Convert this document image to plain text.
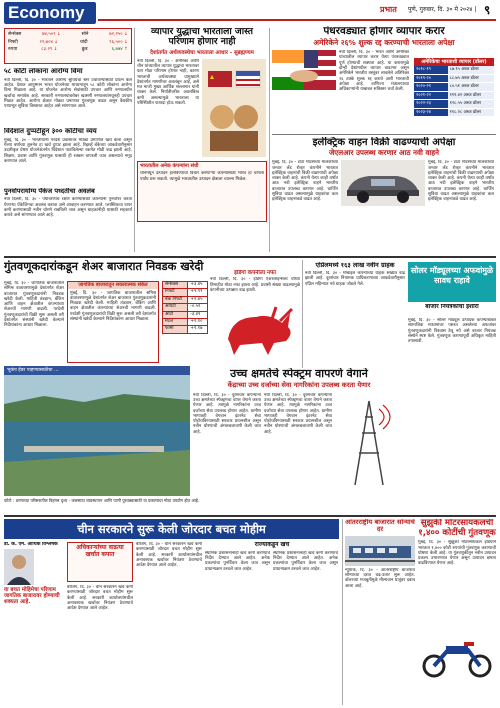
Economy	प्रभात पुणे, गुरुवार, दि. ३० मे २०२४ | ९
सेन्सेक्स	७४,५०२ ↓	सोने	७२,१५० ↓
निफ्टी	२२,७०४ ↓	चांदी	९६,५०० ↓
रुपया	८३.२९ ↓	क्रुड	६,७७४ ↑
५८ कोटी लोकांना आरोग्य विमा
नवी दिल्ली, दि. ३० - भारताने आरोग्य सुविधेचा स्तर उंचावण्यासाठी प्रयत्न केले आहेत. देशात आयुष्मान भारत योजनेच्या माध्यमातून ५८ कोटी लोकांना आरोग्य विमा मिळाला आहे. या योजनेत आरोग्य सेवांसाठी उपचार आणि रुग्णालयीन खर्चाचा समावेश आहे. सरकारी रुग्णालयांबरोबर खासगी रुग्णालयांमधूनही उपचार मिळत आहेत. आरोग्य क्षेत्रात मोठ्या प्रमाणात गुंतवणूक वाढत असून वैद्यकीय पायाभूत सुविधा विस्तारत आहेत असे सांगण्यात आले.
विदेशात दुप्पटीहून ३०० कोटींचा व्यय
मुंबई, दि. ३० - भारतीयांनी परदेश प्रवासावर मोठ्या प्रमाणात खर्च केला असून गेल्या वर्षाच्या तुलनेत हा खर्च दुप्पट झाला आहे. रिझर्व्ह बँकेच्या आकडेवारीनुसार उदारीकृत प्रेषण योजनेअंतर्गत विदेशात पाठविलेल्या रकमेत मोठी वाढ झाली आहे. शिक्षण, प्रवास आणि गुंतवणूक यासाठी ही रक्कम वापरली जात असल्याचे नमूद करण्यात आले.
पुनर्वापरायोग्य पॅकेज पध्दतीचा अवलंब
नवी दिल्ली, दि. ३० - पर्यावरणाचे रक्षण करण्यासाठी कंपन्यांनी पुनर्वापर करता येणाऱ्या पॅकेजिंगचा अवलंब करावा असे आवाहन करण्यात आले. प्लास्टिकचा वापर कमी करण्यासाठी नवीन धोरणे राबविली जात असून ग्राहकांनीही यासाठी सहकार्य करावे असे सांगण्यात आले आहे.
व्यापार युद्धाचा भारताला जास्त परिणाम होणार नाही
देशांतर्गत अर्थव्यवस्थेचा भारताला आधार - सुब्रह्मण्यम
नवी दिल्ली, दि. ३० - अमेरिका आणि चीन यांच्यातील व्यापार युद्धाचा भारतावर फार मोठा परिणाम होणार नाही, कारण भारताची अर्थव्यवस्था प्रामुख्याने देशांतर्गत मागणीवर अवलंबून आहे, असे मत माजी मुख्य आर्थिक सल्लागार यांनी व्यक्त केले. निर्यातीवरील अवलंबित्व कमी असल्यामुळे भारताला या परिस्थितीत फायदा होऊ शकतो.
भारतातील अनेक कंपन्यांना संधी
चीनमधून उत्पादन हलविण्याचा विचार करणाऱ्या कंपन्यांसाठी भारत हा चांगला पर्याय ठरू शकतो. त्यामुळे भारतातील उत्पादन क्षेत्राला चालना मिळेल.
पंधरवड्यात होणार व्यापार करार
अमेरिकेने २६% शुल्क रद्द करण्याची भारताला अपेक्षा
नवी दिल्ली, दि. ३० - भारत आणि अमेरिका यांच्यातील व्यापार करार येत्या पंधरवड्यात पूर्ण होण्याची शक्यता आहे. या करारामुळे दोन्ही देशांमधील व्यापार वाढणार असून अमेरिकेने भारतीय वस्तूंवर लावलेले अतिरिक्त २६ टक्के शुल्क रद्द करावे अशी भारताची अपेक्षा आहे. वाणिज्य मंत्रालयाच्या अधिकाऱ्यांनी याबाबत सविस्तर चर्चा केली.
अमेरिकेचा भारताशी व्यापार (डॉलर)
२०१८-१९	८७.९५ अब्ज डॉलर
२०१९-२०	८८.७५ अब्ज डॉलर
२०२०-२१	८०.५१ अब्ज डॉलर
२०२१-२२	११९.४२ अब्ज डॉलर
२०२२-२३	१२८.५५ अब्ज डॉलर
२०२३-२४	११८.२८ अब्ज डॉलर
इलेक्ट्रिक वाहन विक्री वाढण्याची अपेक्षा
जेएलआर उपलब्ध करणार आठ नवी वाहने
मुंबई, दि. ३० - टाटा मोटर्सच्या मालकीच्या जग्वार लँड रोव्हर कंपनीने भारतात इलेक्ट्रिक वाहनांची विक्री वाढण्याची अपेक्षा व्यक्त केली आहे. कंपनी येत्या काही वर्षांत आठ नवी इलेक्ट्रिक वाहने भारतीय बाजारात उपलब्ध करणार आहे. चार्जिंग सुविधा वाढत असल्यामुळे ग्राहकांचा कल इलेक्ट्रिक वाहनांकडे वाढत आहे.
मुंबई, दि. ३० - टाटा मोटर्सच्या मालकीच्या जग्वार लँड रोव्हर कंपनीने भारतात इलेक्ट्रिक वाहनांची विक्री वाढण्याची अपेक्षा व्यक्त केली आहे. कंपनी येत्या काही वर्षांत आठ नवी इलेक्ट्रिक वाहने भारतीय बाजारात उपलब्ध करणार आहे. चार्जिंग सुविधा वाढत असल्यामुळे ग्राहकांचा कल इलेक्ट्रिक वाहनांकडे वाढत आहे.
गुंतवणूकदारांकडून शेअर बाजारात निवडक खरेदी
मुंबई, दि. ३० - जागतिक बाजारातील संमिश्र वातावरणामुळे देशांतर्गत शेअर बाजारात गुंतवणूकदारांनी निवडक खरेदी केली. माहिती तंत्रज्ञान, बँकिंग आणि वाहन क्षेत्रातील कंपन्यांच्या शेअरची मागणी वाढली. परदेशी गुंतवणूकदारांची विक्री सुरू असली तरी देशांतर्गत संस्थांनी खरेदी केल्याने निर्देशांकांना आधार मिळाला.
जागतिक बाजारातून सकारात्मक संकेत
मुंबई, दि. ३० - जागतिक बाजारातील संमिश्र वातावरणामुळे देशांतर्गत शेअर बाजारात गुंतवणूकदारांनी निवडक खरेदी केली. माहिती तंत्रज्ञान, बँकिंग आणि वाहन क्षेत्रातील कंपन्यांच्या शेअरची मागणी वाढली. परदेशी गुंतवणूकदारांची विक्री सुरू असली तरी देशांतर्गत संस्थांनी खरेदी केल्याने निर्देशांकांना आधार मिळाला.
सेन्सेक्स	+३.४५
निफ्टी	+९.९९
बँक निफ्टी	+१.४५
आयटी	-०.५१
ऑटो	-३.४९
मेटल	+१.१०
फार्मा	+१.१७
इंडिगो कंपनीला नफा
नवी दिल्ली, दि. ३० - इंडिगो एअरलाइन्सला चौथ्या तिमाहीत मोठा नफा झाला आहे. प्रवासी संख्या वाढल्यामुळे कंपनीच्या उत्पन्नात वाढ झाली.
एप्रिलमध्ये १६३ लाख नवीन ग्राहक
नवी दिल्ली, दि. ३० - मोबाइल कंपन्यांच्या ग्राहक संख्येत वाढ झाली आहे. दूरसंचार नियामक प्राधिकरणाच्या आकडेवारीनुसार एप्रिल महिन्यात नवे ग्राहक जोडले गेले.
सोलर मॉड्यूलच्या अफवांमुळे सावध राहावे
बाजार नियंत्रकाचा इशारा
मुंबई, दि. ३० - सोलर मॉड्यूल उत्पादक कंपन्यांबाबत सामाजिक माध्यमांवर पसरत असलेल्या अफवांवर गुंतवणूकदारांनी विश्वास ठेवू नये असे बाजार नियंत्रक संस्थेने स्पष्ट केले. गुंतवणूक करण्यापूर्वी अधिकृत माहिती तपासावी.
भूकंप हेडर पाहण्यासाठीचा ...
फोटो : धरणाच्या परिसरातील विहंगम दृश्य - जलसाठा व्यवस्थापन आणि पाणी पुरवठ्यासाठी या प्रकल्पाचा मोठा उपयोग होत आहे.
उच्च क्षमतेचे स्पेक्ट्रम वापरणे वेगाने
केंद्राच्या उच्च दर्जाच्या सेवा नागरिकांना उपलब्ध करता येणार
नवी दिल्ली, दि. ३० - दूरसंचार कंपन्यांना उच्च क्षमतेच्या स्पेक्ट्रमचा वापर वेगाने करता येणार आहे. त्यामुळे नागरिकांना उच्च दर्जाच्या सेवा उपलब्ध होणार आहेत. ग्रामीण भागातही वेगवान इंटरनेट सेवा पोहोचविण्यासाठी सरकार प्रयत्नशील असून नवीन धोरणाची अंमलबजावणी केली जात आहे.
नवी दिल्ली, दि. ३० - दूरसंचार कंपन्यांना उच्च क्षमतेच्या स्पेक्ट्रमचा वापर वेगाने करता येणार आहे. त्यामुळे नागरिकांना उच्च दर्जाच्या सेवा उपलब्ध होणार आहेत. ग्रामीण भागातही वेगवान इंटरनेट सेवा पोहोचविण्यासाठी सरकार प्रयत्नशील असून नवीन धोरणाची अंमलबजावणी केली जात आहे.
चीन सरकारने सुरू केली जोरदार बचत मोहीम
डॉ. के. एम. आर्थिक विश्लेषक
या बचत मोहिमेचा परिणाम जागतिक बाजारावर होण्याची शक्यता आहे.
अधिकाऱ्यांच्या वाढत्या खर्चात कपात
बीजिंग, दि. ३० - चीन सरकारने खर्च कमी करण्यासाठी जोरदार बचत मोहीम सुरू केली आहे. सरकारी कार्यालयांमधील अनावश्यक खर्चावर नियंत्रण ठेवण्याचे आदेश देण्यात आले आहेत.
बीजिंग, दि. ३० - चीन सरकारने खर्च कमी करण्यासाठी जोरदार बचत मोहीम सुरू केली आहे. सरकारी कार्यालयांमधील अनावश्यक खर्चावर नियंत्रण ठेवण्याचे आदेश देण्यात आले आहेत.
राज्यांकडून खर्च
स्थानिक प्रशासनांनाही खर्च कमी करण्याचे निर्देश देण्यात आले आहेत. अनेक प्रकल्पांचा पुनर्विचार केला जात असून प्राधान्यक्रम ठरवले जात आहेत.
स्थानिक प्रशासनांनाही खर्च कमी करण्याचे निर्देश देण्यात आले आहेत. अनेक प्रकल्पांचा पुनर्विचार केला जात असून प्राधान्यक्रम ठरवले जात आहेत.
आंतरराष्ट्रीय बाजारात सोन्याचे दर
न्यूयॉर्क, दि. ३० - आंतरराष्ट्रीय बाजारात सोन्याच्या दरात चढ-उतार सुरू आहेत. डॉलरच्या मजबुतीमुळे मौल्यवान धातूंवर दबाव आला आहे.
सुझुकी मोटरसायकलची १,४०० कोटींची गुंतवणूक
मुंबई, दि. ३० - सुझुकी मोटरसायकल इंडियाने भारतात १,४०० कोटी रुपयांची गुंतवणूक करण्याची घोषणा केली आहे. या गुंतवणुकीतून नवीन उत्पादन प्रकल्प उभारण्यात येणार असून उत्पादन क्षमता वाढविण्यात येणार आहे.
